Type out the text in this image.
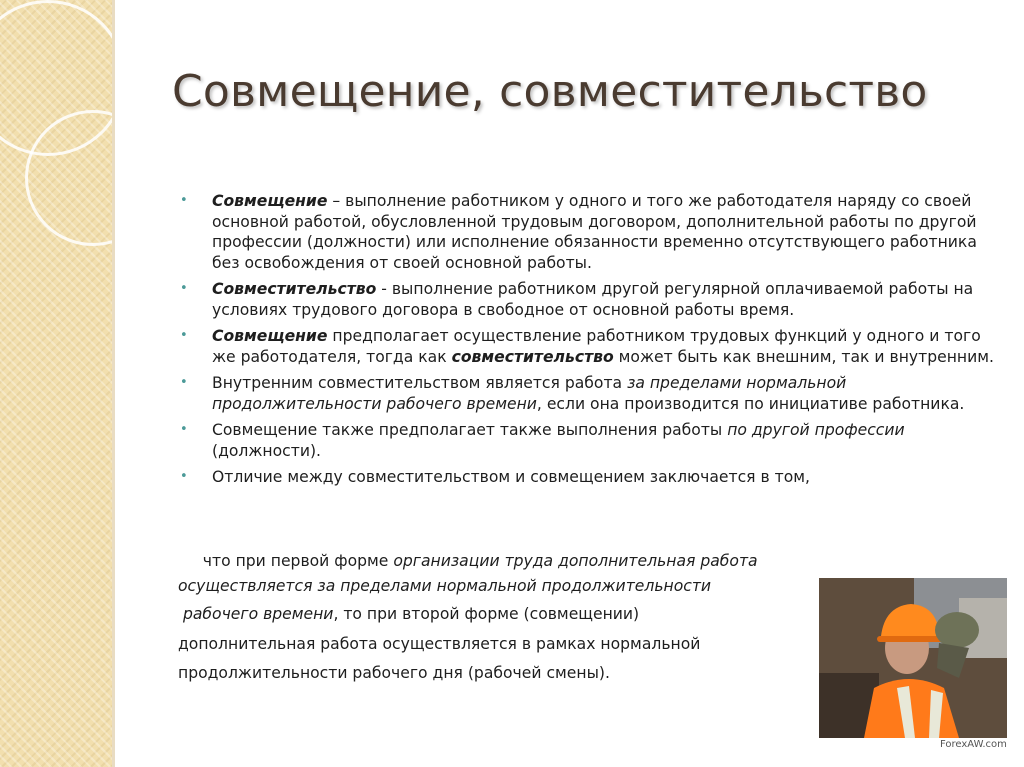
Совмещение, совместительство
• Совмещение – выполнение работником у одного и того же работодателя наряду со своей основной работой, обусловленной трудовым договором, дополнительной работы по другой профессии (должности) или исполнение обязанности временно отсутствующего работника без освобождения от своей основной работы.
• Совместительство - выполнение работником другой регулярной оплачиваемой работы на условиях трудового договора в свободное от основной работы время.
• Совмещение предполагает осуществление работником трудовых функций у одного и того же работодателя, тогда как совместительство может быть как внешним, так и внутренним.
• Внутренним совместительством является работа за пределами нормальной продолжительности рабочего времени, если она производится по инициативе работника.
• Совмещение также предполагает также выполнения работы по другой профессии (должности).
• Отличие между совместительством и совмещением заключается в том,
что при первой форме организации труда дополнительная работа
осуществляется за пределами нормальной продолжительности
рабочего времени, то при второй форме (совмещении)
дополнительная работа осуществляется в рамках нормальной
продолжительности рабочего дня (рабочей смены).
ForexAW.com
